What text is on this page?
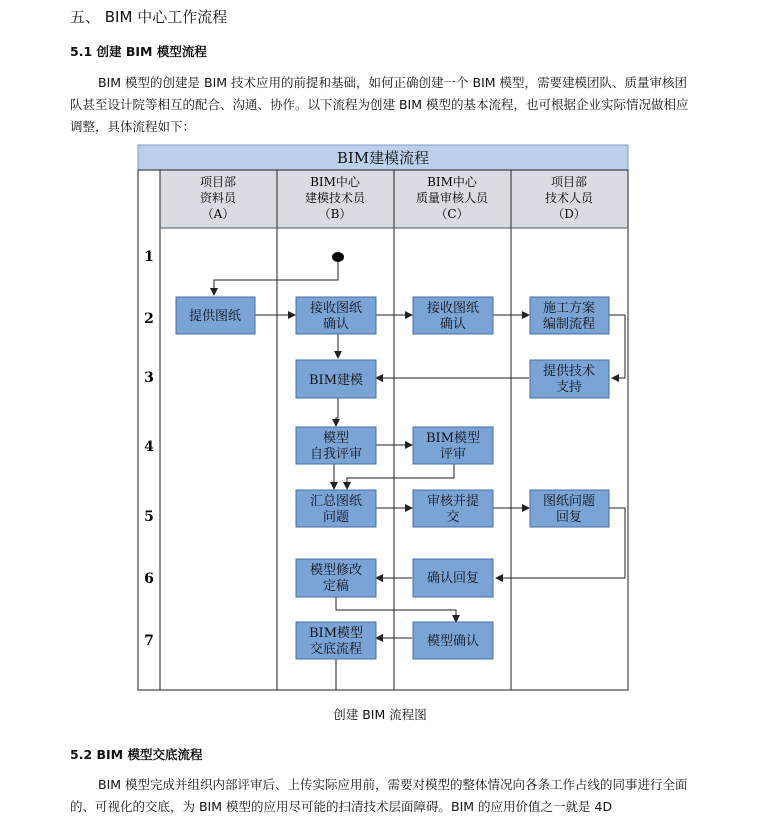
五、 BIM 中心工作流程
5.1 创建 BIM 模型流程
BIM 模型的创建是 BIM 技术应用的前提和基础，如何正确创建一个 BIM 模型，需要建模团队、质量审核团队甚至设计院等相互的配合、沟通、协作。以下流程为创建 BIM 模型的基本流程，也可根据企业实际情况做相应调整，具体流程如下：
BIM建模流程
项目部
资料员
（A）
BIM中心
建模技术员
（B）
BIM中心
质量审核人员
（C）
项目部
技术人员
（D）
1
2
3
4
5
6
7
提供图纸
接收图纸
确认
接收图纸
确认
施工方案
编制流程
BIM建模
提供技术
支持
模型
自我评审
BIM模型
评审
汇总图纸
问题
审核并提
交
图纸问题
回复
模型修改
定稿
确认回复
BIM模型
交底流程
模型确认
创建 BIM 流程图
5.2 BIM 模型交底流程
BIM 模型完成并组织内部评审后、上传实际应用前，需要对模型的整体情况向各条工作占线的同事进行全面的、可视化的交底，为 BIM 模型的应用尽可能的扫清技术层面障碍。BIM 的应用价值之一就是 4D
